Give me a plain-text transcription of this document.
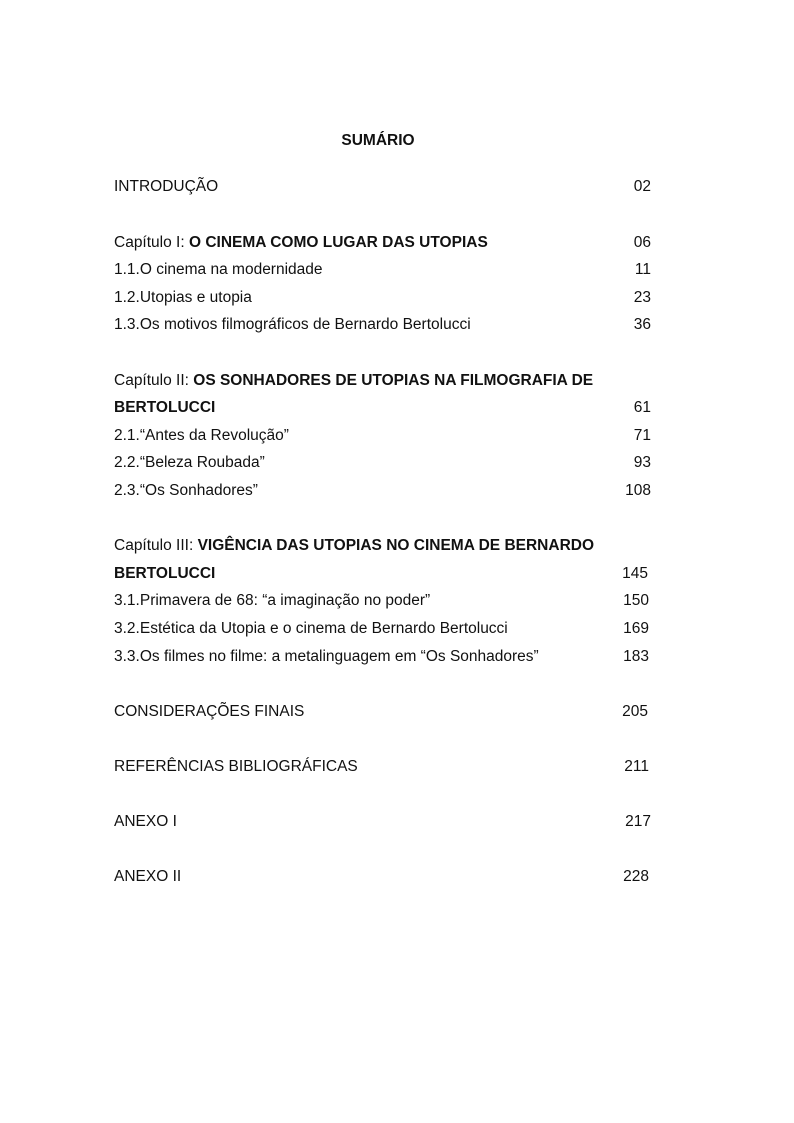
SUMÁRIO
INTRODUÇÃO	02
Capítulo I: O CINEMA COMO LUGAR DAS UTOPIAS	06
1.1.O cinema na modernidade	11
1.2.Utopias e utopia	23
1.3.Os motivos filmográficos de Bernardo Bertolucci	36
Capítulo II: OS SONHADORES DE UTOPIAS NA FILMOGRAFIA DE
BERTOLUCCI	61
2.1.“Antes da Revolução”	71
2.2.“Beleza Roubada”	93
2.3.“Os Sonhadores”	108
Capítulo III: VIGÊNCIA DAS UTOPIAS NO CINEMA DE BERNARDO
BERTOLUCCI	145
3.1.Primavera de 68: “a imaginação no poder”	150
3.2.Estética da Utopia e o cinema de Bernardo Bertolucci	169
3.3.Os filmes no filme: a metalinguagem em “Os Sonhadores”	183
CONSIDERAÇÕES FINAIS	205
REFERÊNCIAS BIBLIOGRÁFICAS	211
ANEXO I	217
ANEXO II	228
